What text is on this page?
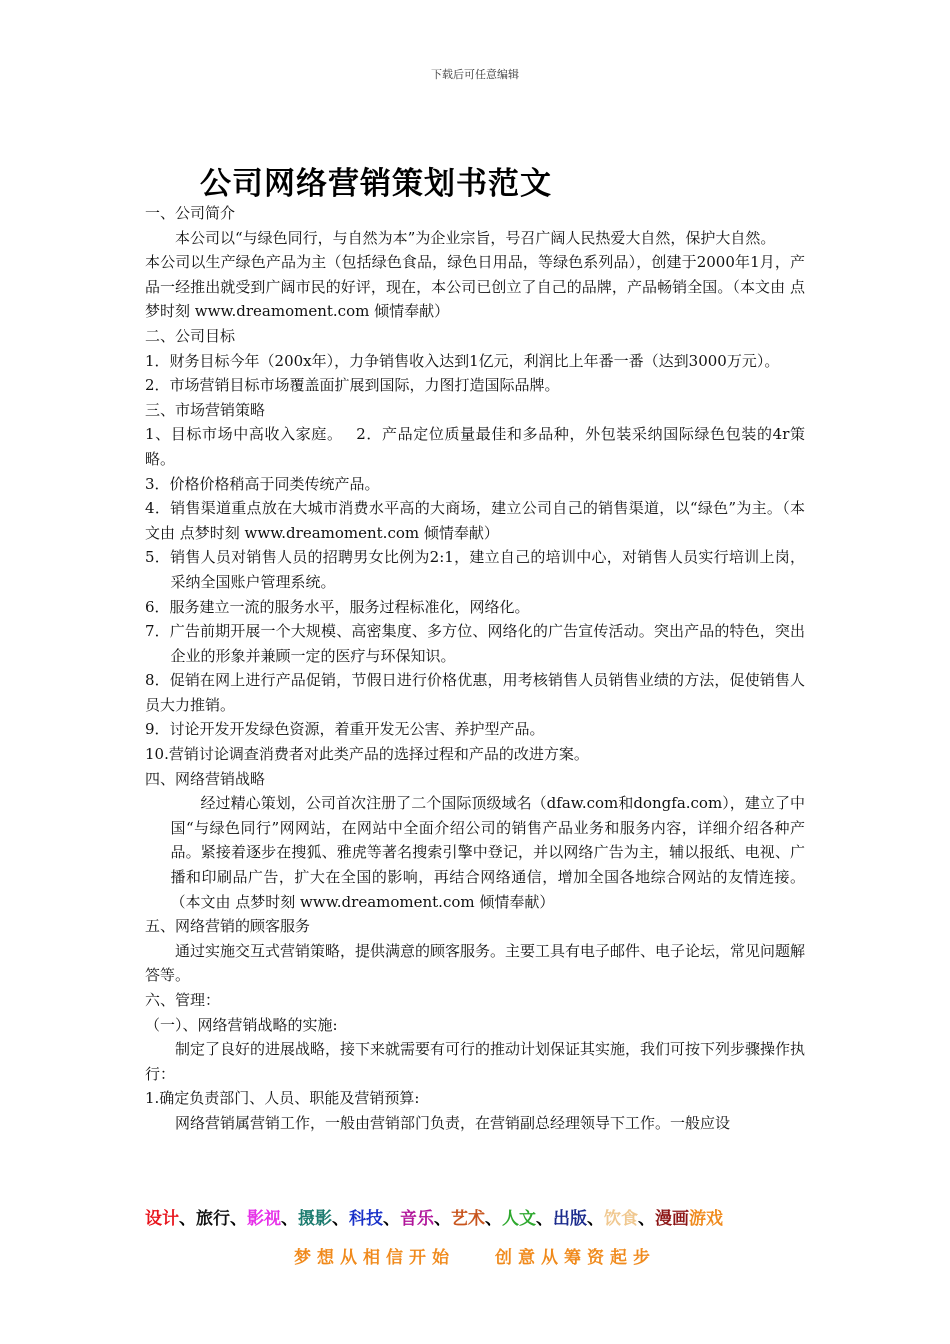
下载后可任意编辑
公司网络营销策划书范文

一、公司简介

本公司以“与绿色同行，与自然为本”为企业宗旨，号召广阔人民热爱大自然，保护大自然。

本公司以生产绿色产品为主（包括绿色食品，绿色日用品，等绿色系列品），创建于2000年1月，产品一经推出就受到广阔市民的好评，现在，本公司已创立了自己的品牌，产品畅销全国。（本文由 点梦时刻 www.dreamoment.com 倾情奉献）

二、公司目标

1．财务目标今年（200x年），力争销售收入达到1亿元，利润比上年番一番（达到3000万元）。

2．市场营销目标市场覆盖面扩展到国际，力图打造国际品牌。

三、市场营销策略

1、目标市场中高收入家庭。　 2．产品定位质量最佳和多品种，外包装采纳国际绿色包装的4r策略。

3．价格价格稍高于同类传统产品。

4．销售渠道重点放在大城市消费水平高的大商场，建立公司自己的销售渠道，以“绿色”为主。（本文由 点梦时刻 www.dreamoment.com 倾情奉献）

5．销售人员对销售人员的招聘男女比例为2:1，建立自己的培训中心，对销售人员实行培训上岗，采纳全国账户管理系统。

6．服务建立一流的服务水平，服务过程标准化，网络化。

7．广告前期开展一个大规模、高密集度、多方位、网络化的广告宣传活动。突出产品的特色，突出企业的形象并兼顾一定的医疗与环保知识。

8．促销在网上进行产品促销，节假日进行价格优惠，用考核销售人员销售业绩的方法，促使销售人员大力推销。

9．讨论开发开发绿色资源，着重开发无公害、养护型产品。

10.营销讨论调查消费者对此类产品的选择过程和产品的改进方案。

四、网络营销战略

经过精心策划，公司首次注册了二个国际顶级域名（dfaw.com和dongfa.com），建立了中国“与绿色同行”网网站，在网站中全面介绍公司的销售产品业务和服务内容，详细介绍各种产品。紧接着逐步在搜狐、雅虎等著名搜索引擎中登记，并以网络广告为主，辅以报纸、电视、广播和印刷品广告，扩大在全国的影响，再结合网络通信，增加全国各地综合网站的友情连接。（本文由 点梦时刻 www.dreamoment.com 倾情奉献）

五、网络营销的顾客服务

通过实施交互式营销策略，提供满意的顾客服务。主要工具有电子邮件、电子论坛，常见问题解答等。

六、管理：

（一）、网络营销战略的实施:

制定了良好的进展战略，接下来就需要有可行的推动计划保证其实施，我们可按下列步骤操作执行：

1.确定负责部门、人员、职能及营销预算:

网络营销属营销工作，一般由营销部门负责，在营销副总经理领导下工作。一般应设

设计、旅行、影视、摄影、科技、音乐、艺术、人文、出版、饮食、漫画游戏
梦想从相信开始 创意从筹资起步
